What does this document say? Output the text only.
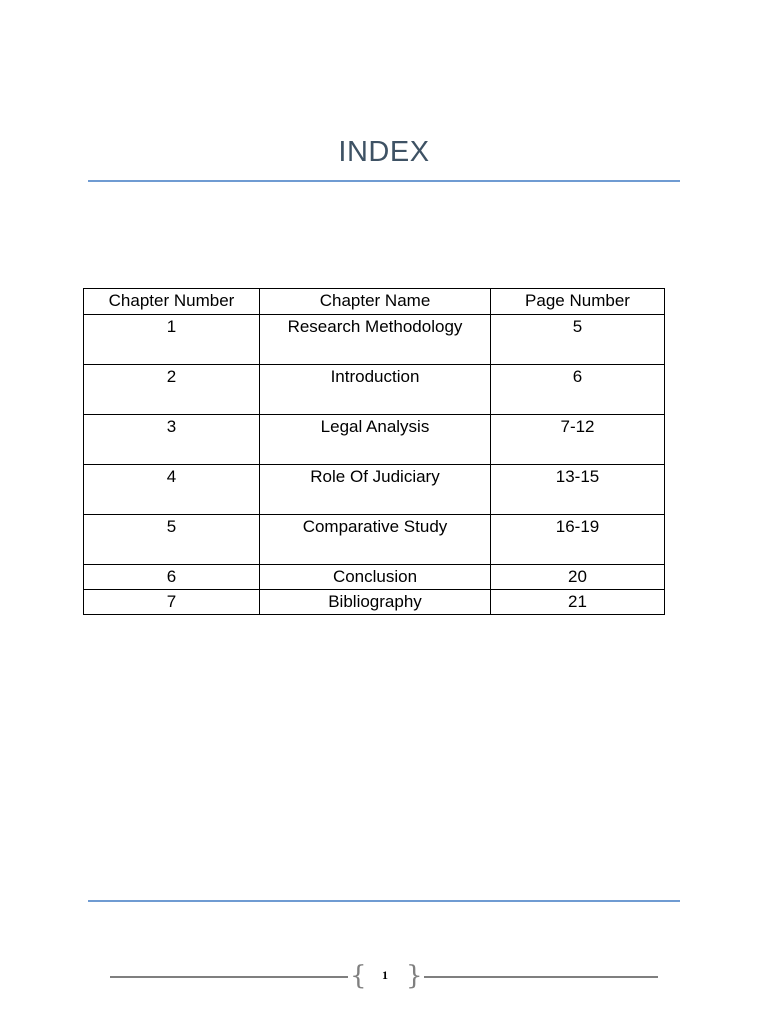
INDEX
Chapter Number	Chapter Name	Page Number
1	Research Methodology	5
2	Introduction	6
3	Legal Analysis	7-12
4	Role Of Judiciary	13-15
5	Comparative Study	16-19
6	Conclusion	20
7	Bibliography	21
{	1 }
